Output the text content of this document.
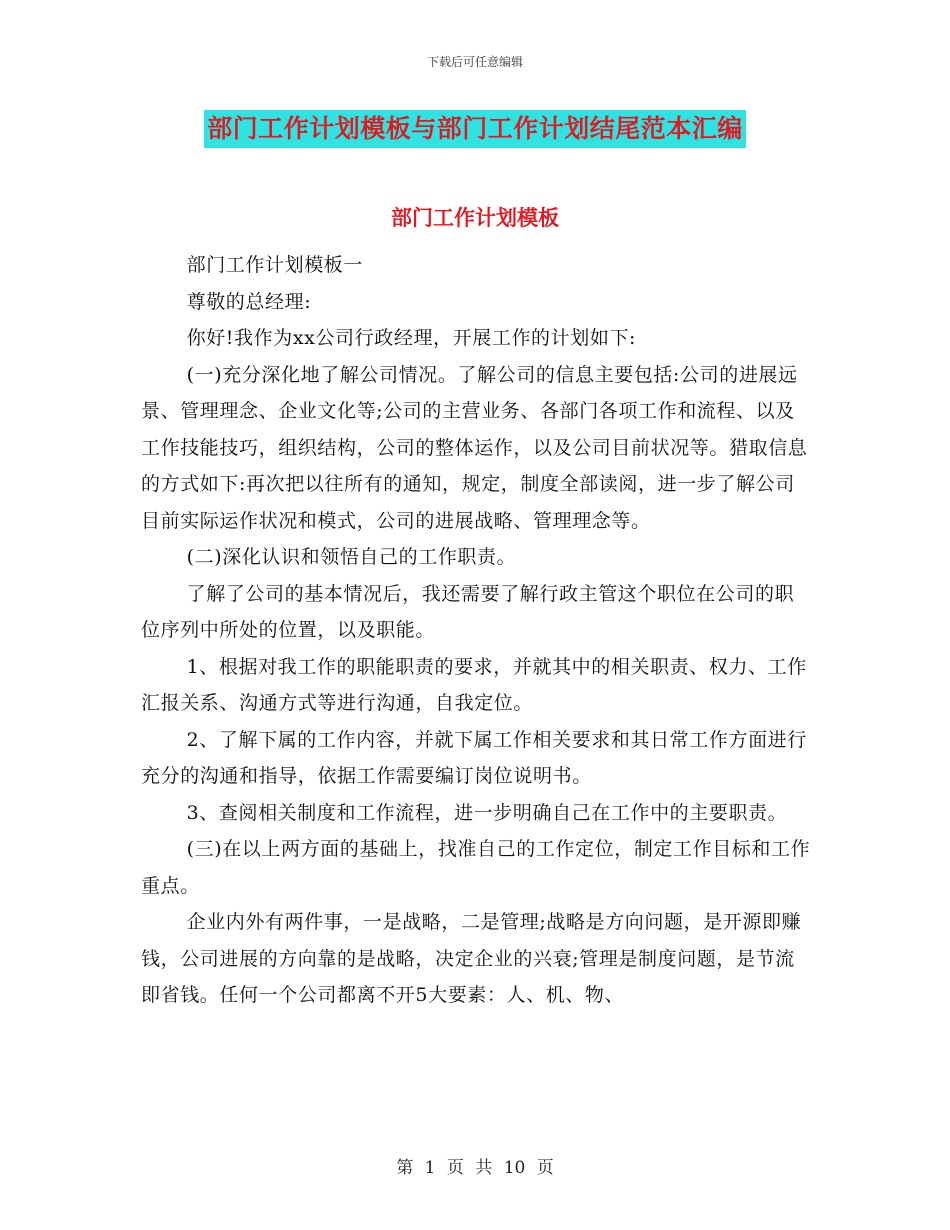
下载后可任意编辑
部门工作计划模板与部门工作计划结尾范本汇编
部门工作计划模板

部门工作计划模板一

尊敬的总经理:

你好!我作为xx公司行政经理，开展工作的计划如下:

(一)充分深化地了解公司情况。了解公司的信息主要包括:公司的进展远景、管理理念、企业文化等;公司的主营业务、各部门各项工作和流程、以及工作技能技巧，组织结构，公司的整体运作，以及公司目前状况等。猎取信息的方式如下:再次把以往所有的通知，规定，制度全部读阅，进一步了解公司目前实际运作状况和模式，公司的进展战略、管理理念等。

(二)深化认识和领悟自己的工作职责。

了解了公司的基本情况后，我还需要了解行政主管这个职位在公司的职位序列中所处的位置，以及职能。

1、根据对我工作的职能职责的要求，并就其中的相关职责、权力、工作汇报关系、沟通方式等进行沟通，自我定位。

2、了解下属的工作内容，并就下属工作相关要求和其日常工作方面进行充分的沟通和指导，依据工作需要编订岗位说明书。

3、查阅相关制度和工作流程，进一步明确自己在工作中的主要职责。

(三)在以上两方面的基础上，找准自己的工作定位，制定工作目标和工作重点。

企业内外有两件事，一是战略，二是管理;战略是方向问题，是开源即赚钱，公司进展的方向靠的是战略，决定企业的兴衰;管理是制度问题，是节流即省钱。任何一个公司都离不开5大要素：人、机、物、

第 1 页 共 10 页
